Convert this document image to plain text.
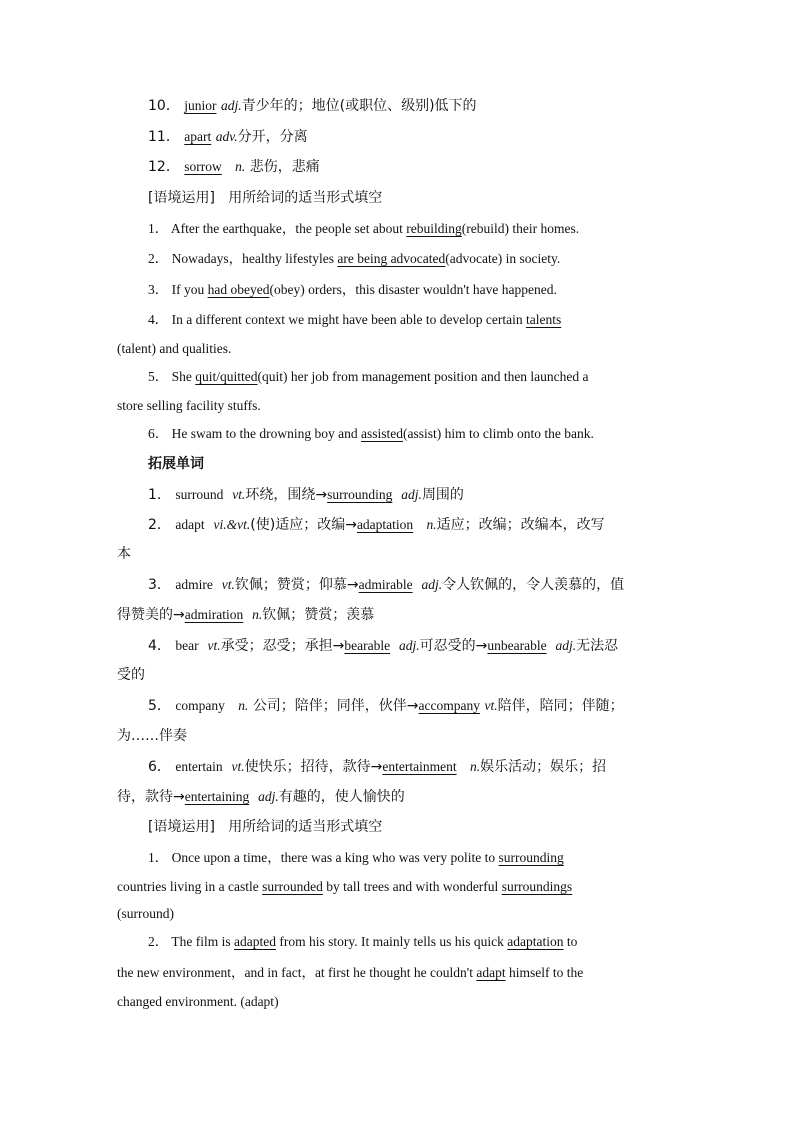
10． junior adj.青少年的；地位(或职位、级别)低下的
11． apart adv.分开，分离
12． sorrow n. 悲伤，悲痛
[语境运用] 用所给词的适当形式填空
1． After the earthquake，the people set about rebuilding(rebuild) their homes.
2． Nowadays，healthy lifestyles are being advocated(advocate) in society.
3． If you had obeyed(obey) orders，this disaster wouldn't have happened.
4． In a different context we might have been able to develop certain talents
(talent) and qualities.
5． She quit/quitted(quit) her job from management position and then launched a
store selling facility stuffs.
6． He swam to the drowning boy and assisted(assist) him to climb onto the bank.
拓展单词
1． surround vt.环绕，围绕→surrounding adj.周围的
2． adapt vi.&vt.(使)适应；改编→adaptation n.适应；改编；改编本，改写
本
3． admire vt.钦佩；赞赏；仰慕→admirable adj.令人钦佩的，令人羡慕的，值
得赞美的→admiration n.钦佩；赞赏；羡慕
4． bear vt.承受；忍受；承担→bearable adj.可忍受的→unbearable adj.无法忍
受的
5． company n. 公司；陪伴；同伴，伙伴→accompany vt.陪伴，陪同；伴随；
为……伴奏
6． entertain vt.使快乐；招待，款待→entertainment n.娱乐活动；娱乐；招
待，款待→entertaining adj.有趣的，使人愉快的
[语境运用] 用所给词的适当形式填空
1． Once upon a time，there was a king who was very polite to surrounding
countries living in a castle surrounded by tall trees and with wonderful surroundings
(surround)
2． The film is adapted from his story. It mainly tells us his quick adaptation to
the new environment，and in fact，at first he thought he couldn't adapt himself to the
changed environment. (adapt)
